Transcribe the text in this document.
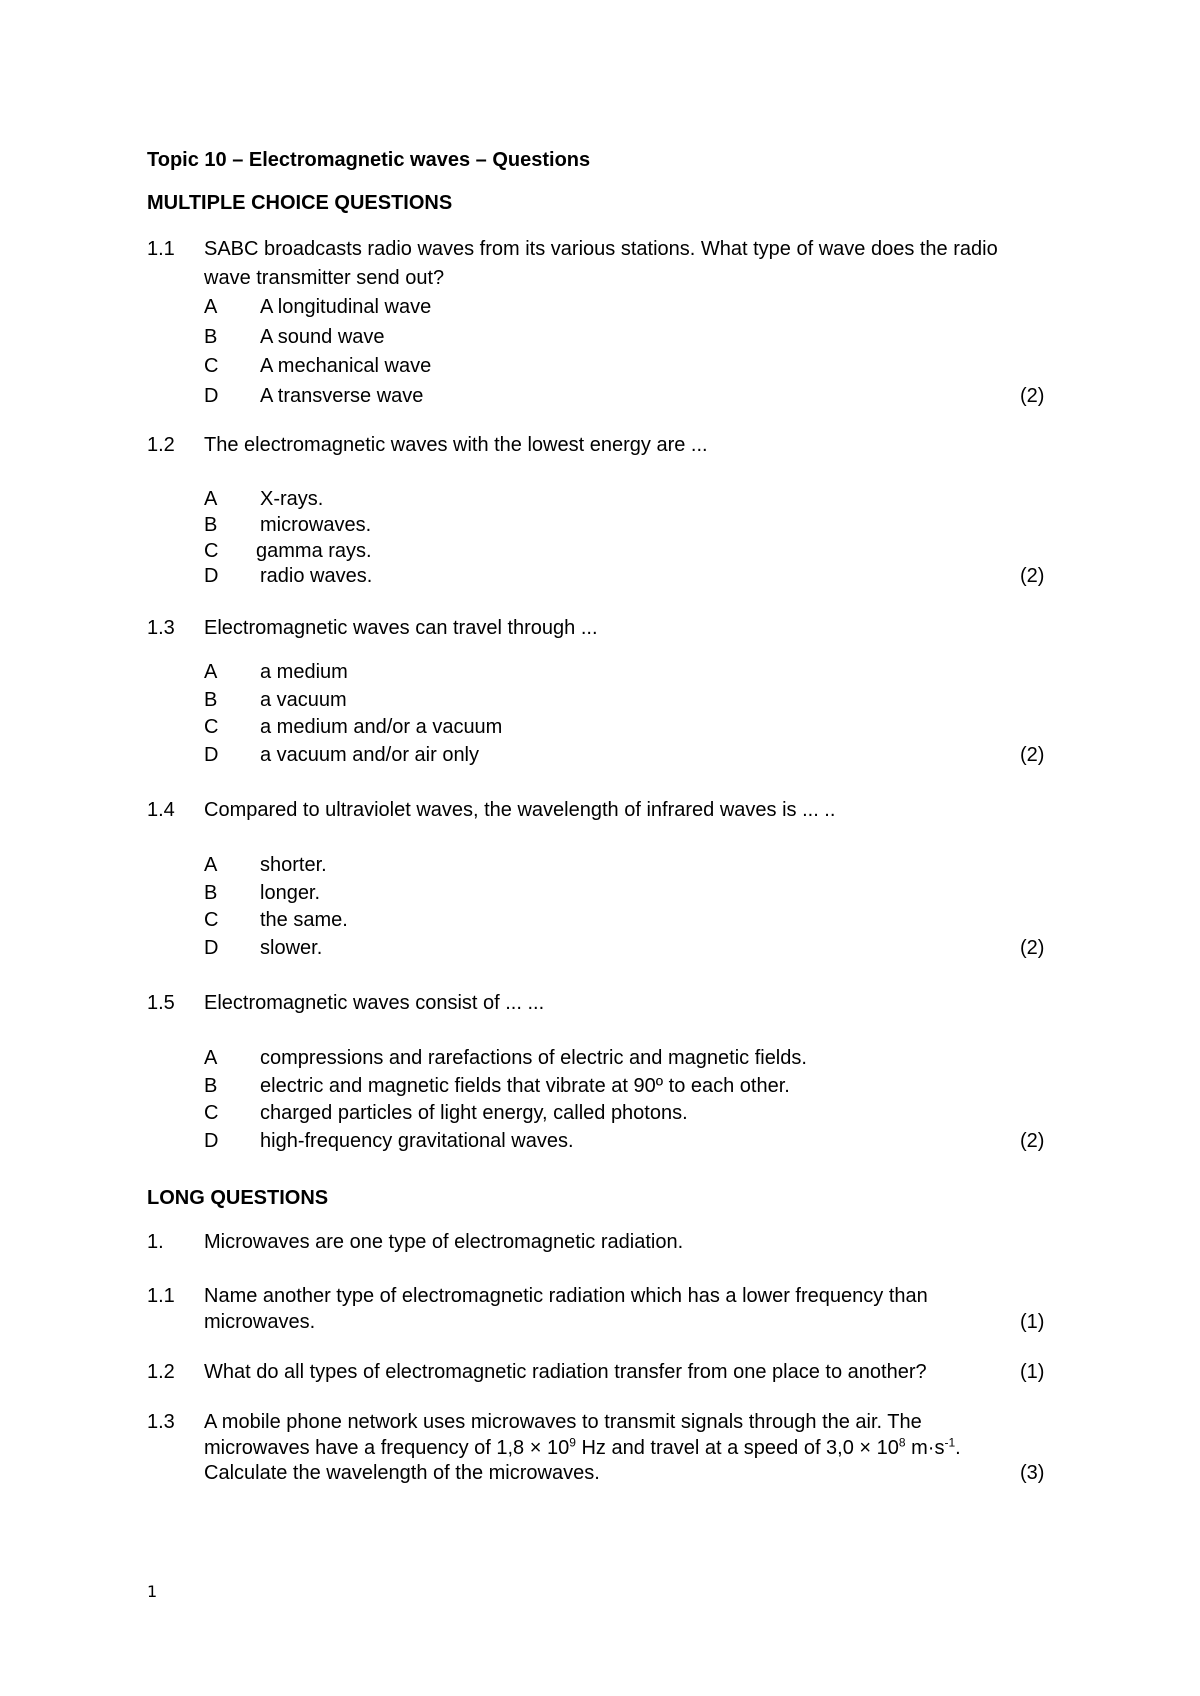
Topic 10 – Electromagnetic waves – Questions
MULTIPLE CHOICE QUESTIONS
1.1 SABC broadcasts radio waves from its various stations. What type of wave does the radio
wave transmitter send out?
A A longitudinal wave
B A sound wave
C A mechanical wave
D A transverse wave	(2)
1.2 The electromagnetic waves with the lowest energy are ...
A X-rays.
B microwaves.
C gamma rays.
D radio waves.	(2)
1.3 Electromagnetic waves can travel through ...
A a medium
B a vacuum
C a medium and/or a vacuum
D a vacuum and/or air only	(2)
1.4 Compared to ultraviolet waves, the wavelength of infrared waves is ... ..
A shorter.
B longer.
C the same.
D slower.	(2)
1.5 Electromagnetic waves consist of ... ...
A compressions and rarefactions of electric and magnetic fields.
B electric and magnetic fields that vibrate at 90º to each other.
C charged particles of light energy, called photons.
D high-frequency gravitational waves.	(2)
LONG QUESTIONS
1. Microwaves are one type of electromagnetic radiation.
1.1 Name another type of electromagnetic radiation which has a lower frequency than
microwaves.	(1)
1.2 What do all types of electromagnetic radiation transfer from one place to another?	(1)
1.3 A mobile phone network uses microwaves to transmit signals through the air. The
microwaves have a frequency of $1,8 \times 10^9$ Hz and travel at a speed of $3,0 \times 10^8$ $m\cdot s^{-1}$.
Calculate the wavelength of the microwaves.	(3)
1
